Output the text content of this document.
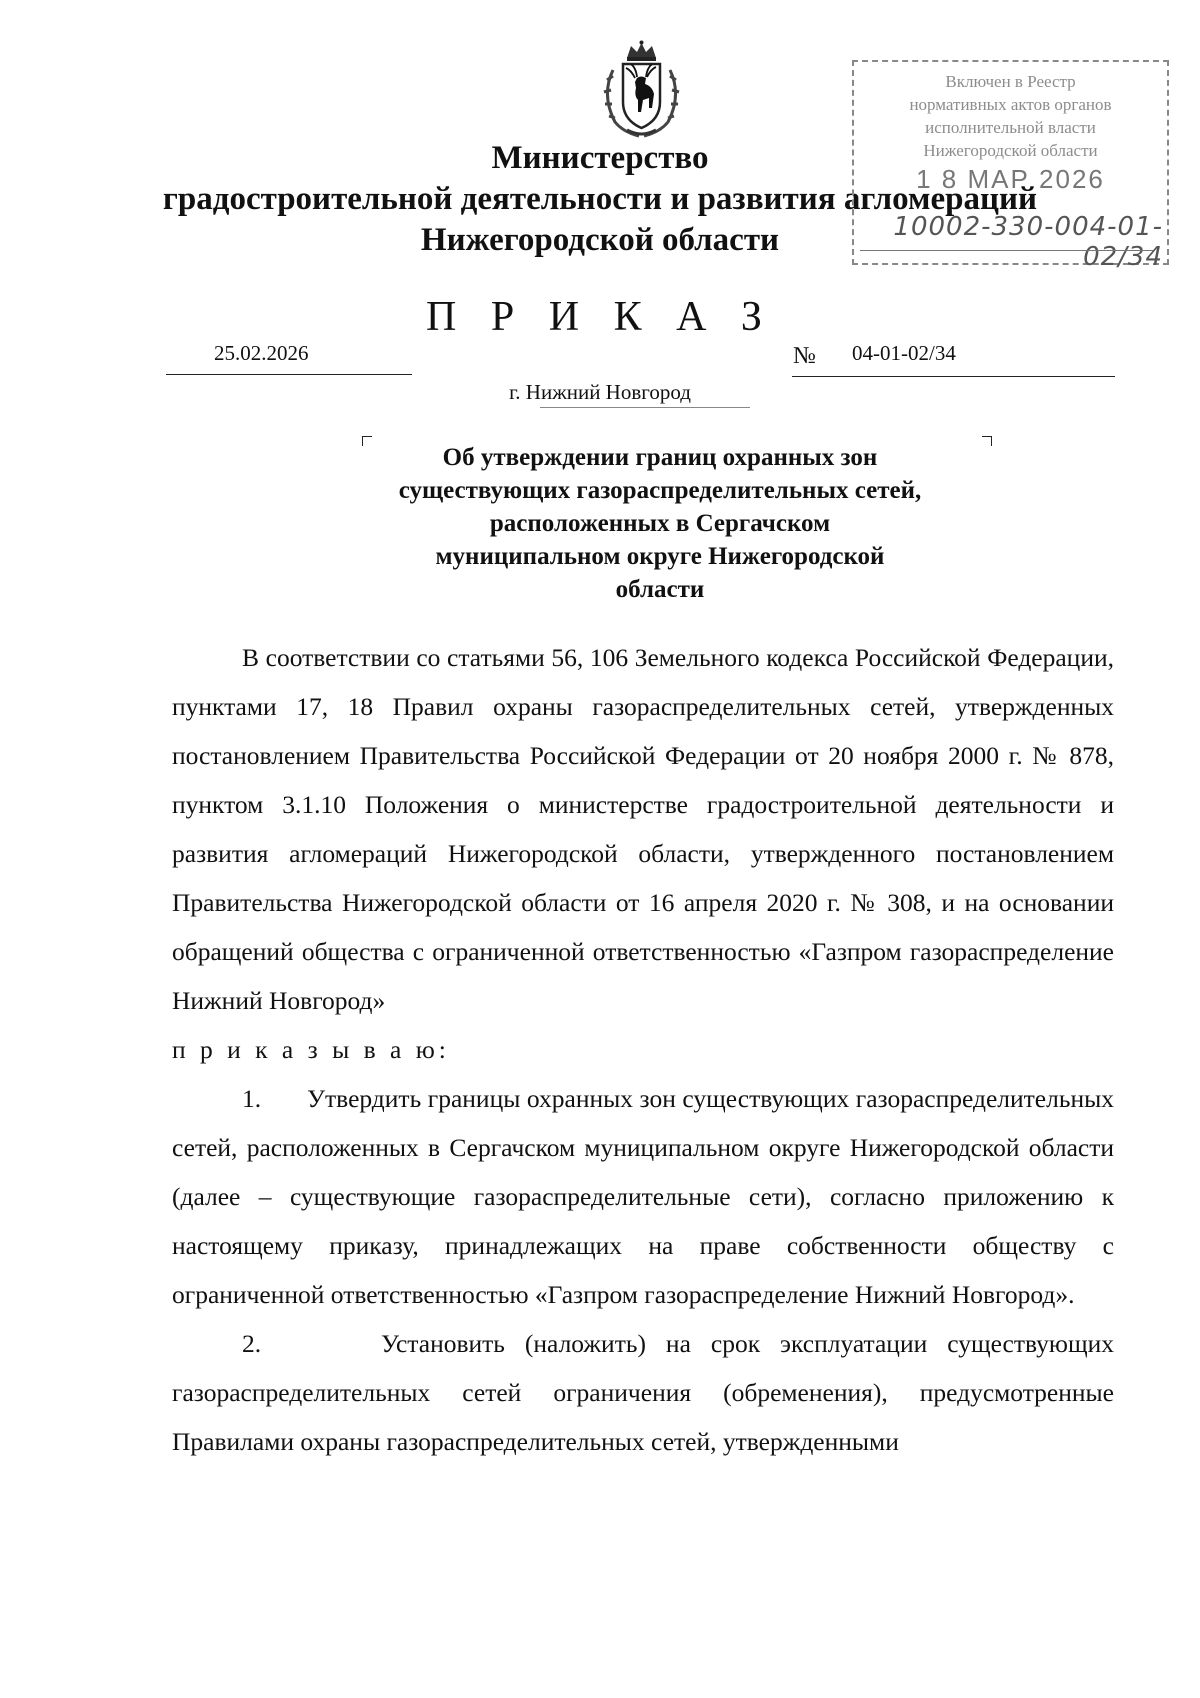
Министерство
градостроительной деятельности и развития агломераций
Нижегородской области
Включен в Реестр
нормативных актов органов
исполнительной власти
Нижегородской области
1 8 МАР 2026
10002-330-004-01-02/34
П Р И К А З
25.02.2026	№ 04-01-02/34
г. Нижний Новгород
Об утверждении границ охранных зон
существующих газораспределительных сетей,
расположенных в Сергачском
муниципальном округе Нижегородской
области

В соответствии со статьями 56, 106 Земельного кодекса Российской Федерации, пунктами 17, 18 Правил охраны газораспределительных сетей, утвержденных постановлением Правительства Российской Федерации от 20 ноября 2000 г. № 878, пунктом 3.1.10 Положения о министерстве градостроительной деятельности и развития агломераций Нижегородской области, утвержденного постановлением Правительства Нижегородской области от 16 апреля 2020 г. № 308, и на основании обращений общества с ограниченной ответственностью «Газпром газораспределение Нижний Новгород»

п р и к а з ы в а ю:

1.       Утвердить границы охранных зон существующих газораспределительных сетей, расположенных в Сергачском муниципальном округе Нижегородской области (далее – существующие газораспределительные сети), согласно приложению к настоящему приказу, принадлежащих на праве собственности обществу с ограниченной ответственностью «Газпром газораспределение Нижний Новгород».

2.      Установить (наложить) на срок эксплуатации существующих газораспределительных сетей ограничения (обременения), предусмотренные Правилами охраны газораспределительных сетей, утвержденными
